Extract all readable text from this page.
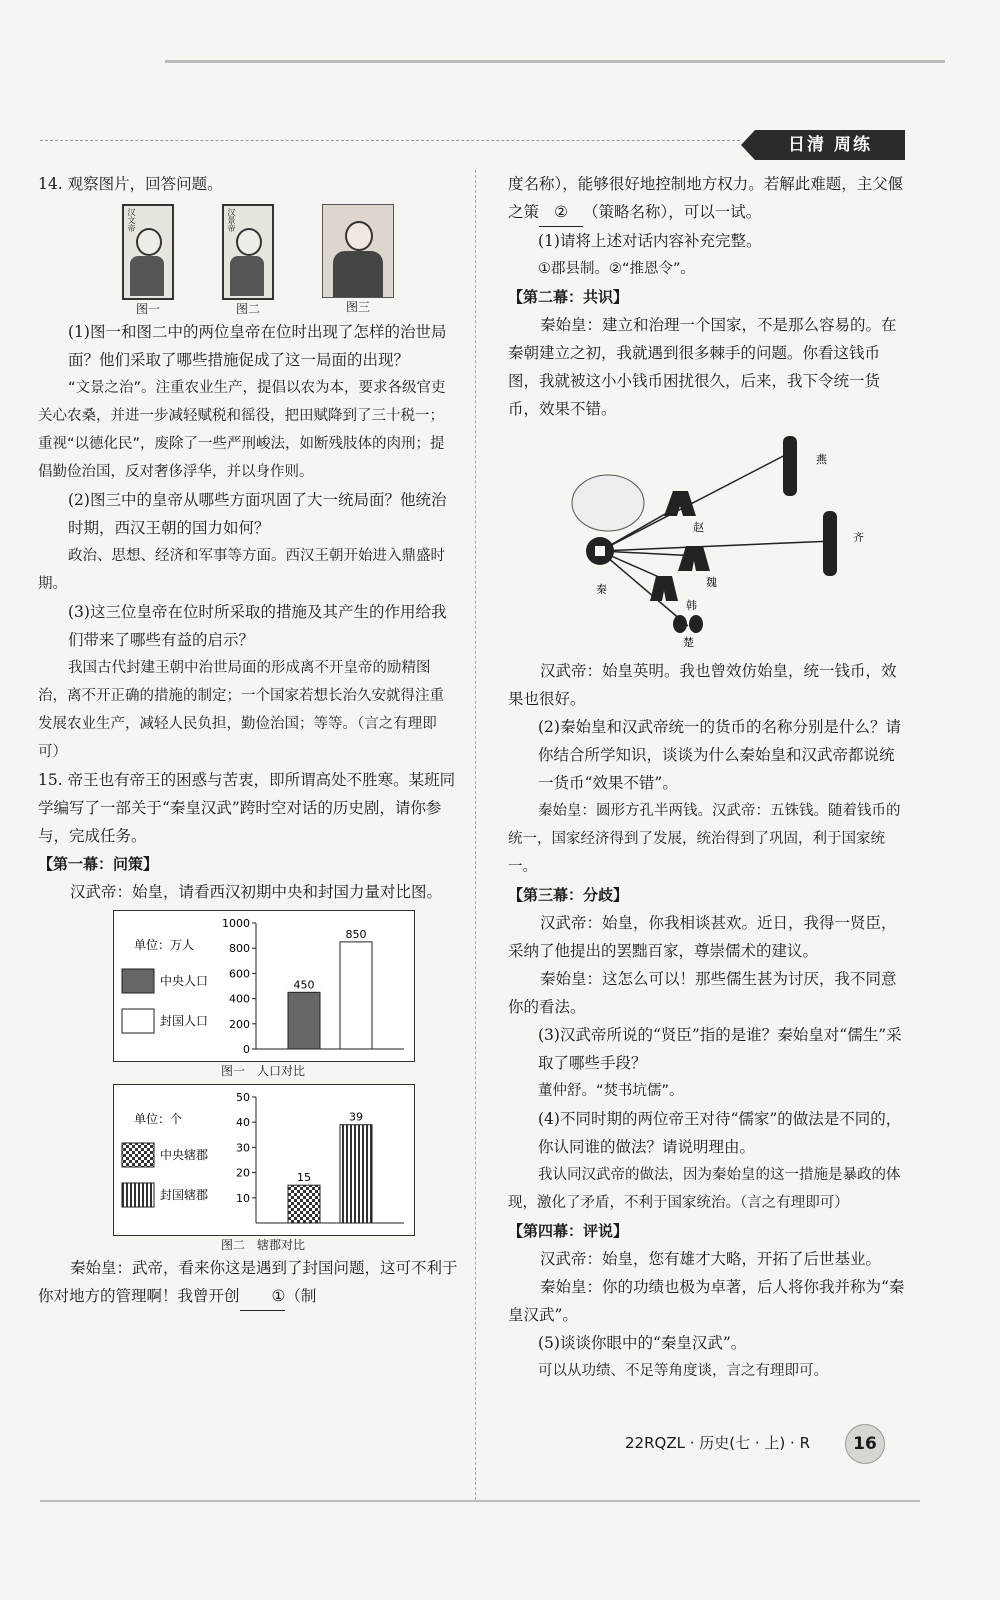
日清 周练

14. 观察图片，回答问题。

汉文帝
图一
汉景帝
图二	图三

(1)图一和图二中的两位皇帝在位时出现了怎样的治世局面？他们采取了哪些措施促成了这一局面的出现？

“文景之治”。注重农业生产，提倡以农为本，要求各级官吏关心农桑，并进一步减轻赋税和徭役，把田赋降到了三十税一；重视“以德化民”，废除了一些严刑峻法，如断残肢体的肉刑；提倡勤俭治国，反对奢侈浮华，并以身作则。

(2)图三中的皇帝从哪些方面巩固了大一统局面？他统治时期，西汉王朝的国力如何？

政治、思想、经济和军事等方面。西汉王朝开始进入鼎盛时期。

(3)这三位皇帝在位时所采取的措施及其产生的作用给我们带来了哪些有益的启示？

我国古代封建王朝中治世局面的形成离不开皇帝的励精图治，离不开正确的措施的制定；一个国家若想长治久安就得注重发展农业生产，减轻人民负担，勤俭治国；等等。（言之有理即可）

15. 帝王也有帝王的困惑与苦衷，即所谓高处不胜寒。某班同学编写了一部关于“秦皇汉武”跨时空对话的历史剧，请你参与，完成任务。

【第一幕：问策】

汉武帝：始皇，请看西汉初期中央和封国力量对比图。

0
200
400
600
800
1000
单位：万人
450
中央人口
850
封国人口
图一　人口对比
10
20
30
40
50
单位：个
15
中央辖郡
39
封国辖郡
图二　辖郡对比

秦始皇：武帝，看来你这是遇到了封国问题，这可不利于你对地方的管理啊！我曾开创 ①（制

度名称），能够很好地控制地方权力。若解此难题，主父偃之策 ② （策略名称），可以一试。

(1)请将上述对话内容补充完整。

①郡县制。②“推恩令”。

【第二幕：共识】

秦始皇：建立和治理一个国家，不是那么容易的。在秦朝建立之初，我就遇到很多棘手的问题。你看这钱币图，我就被这小小钱币困扰很久，后来，我下令统一货币，效果不错。

秦
燕
赵
齐
魏
韩
楚

汉武帝：始皇英明。我也曾效仿始皇，统一钱币，效果也很好。

(2)秦始皇和汉武帝统一的货币的名称分别是什么？请你结合所学知识，谈谈为什么秦始皇和汉武帝都说统一货币“效果不错”。

秦始皇：圆形方孔半两钱。汉武帝：五铢钱。随着钱币的统一，国家经济得到了发展，统治得到了巩固，利于国家统一。

【第三幕：分歧】

汉武帝：始皇，你我相谈甚欢。近日，我得一贤臣，采纳了他提出的罢黜百家，尊崇儒术的建议。

秦始皇：这怎么可以！那些儒生甚为讨厌，我不同意你的看法。

(3)汉武帝所说的“贤臣”指的是谁？秦始皇对“儒生”采取了哪些手段？

董仲舒。“焚书坑儒”。

(4)不同时期的两位帝王对待“儒家”的做法是不同的，你认同谁的做法？请说明理由。

我认同汉武帝的做法，因为秦始皇的这一措施是暴政的体现，激化了矛盾，不利于国家统治。（言之有理即可）

【第四幕：评说】

汉武帝：始皇，您有雄才大略，开拓了后世基业。

秦始皇：你的功绩也极为卓著，后人将你我并称为“秦皇汉武”。

(5)谈谈你眼中的“秦皇汉武”。

可以从功绩、不足等角度谈，言之有理即可。

22RQZL · 历史(七 · 上) · R	16
